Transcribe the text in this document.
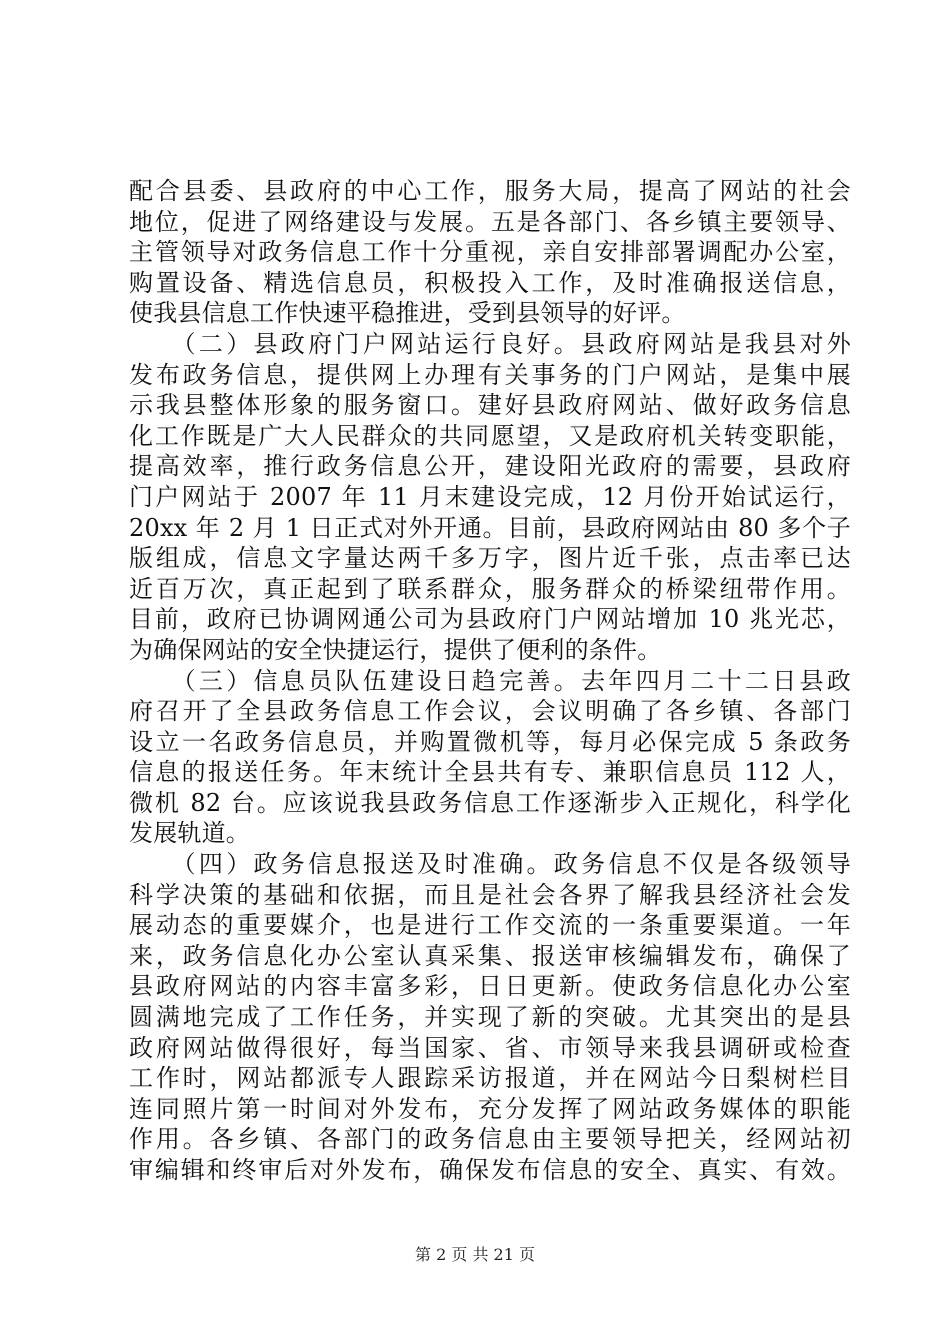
配合县委、县政府的中心工作，服务大局，提高了网站的社会
地位，促进了网络建设与发展。五是各部门、各乡镇主要领导、
主管领导对政务信息工作十分重视，亲自安排部署调配办公室，
购置设备、精选信息员，积极投入工作，及时准确报送信息，
使我县信息工作快速平稳推进，受到县领导的好评。
　　（二）县政府门户网站运行良好。县政府网站是我县对外
发布政务信息，提供网上办理有关事务的门户网站，是集中展
示我县整体形象的服务窗口。建好县政府网站、做好政务信息
化工作既是广大人民群众的共同愿望，又是政府机关转变职能，
提高效率，推行政务信息公开，建设阳光政府的需要，县政府
门户网站于 2007 年 11 月末建设完成，12 月份开始试运行，
20xx 年 2 月 1 日正式对外开通。目前，县政府网站由 80 多个子
版组成，信息文字量达两千多万字，图片近千张，点击率已达
近百万次，真正起到了联系群众，服务群众的桥梁纽带作用。
目前，政府已协调网通公司为县政府门户网站增加 10 兆光芯，
为确保网站的安全快捷运行，提供了便利的条件。
　　（三）信息员队伍建设日趋完善。去年四月二十二日县政
府召开了全县政务信息工作会议，会议明确了各乡镇、各部门
设立一名政务信息员，并购置微机等，每月必保完成 5 条政务
信息的报送任务。年末统计全县共有专、兼职信息员 112 人，
微机 82 台。应该说我县政务信息工作逐渐步入正规化，科学化
发展轨道。
　　（四）政务信息报送及时准确。政务信息不仅是各级领导
科学决策的基础和依据，而且是社会各界了解我县经济社会发
展动态的重要媒介，也是进行工作交流的一条重要渠道。一年
来，政务信息化办公室认真采集、报送审核编辑发布，确保了
县政府网站的内容丰富多彩，日日更新。使政务信息化办公室
圆满地完成了工作任务，并实现了新的突破。尤其突出的是县
政府网站做得很好，每当国家、省、市领导来我县调研或检查
工作时，网站都派专人跟踪采访报道，并在网站今日梨树栏目
连同照片第一时间对外发布，充分发挥了网站政务媒体的职能
作用。各乡镇、各部门的政务信息由主要领导把关，经网站初
审编辑和终审后对外发布，确保发布信息的安全、真实、有效。
第 2 页 共 21 页
